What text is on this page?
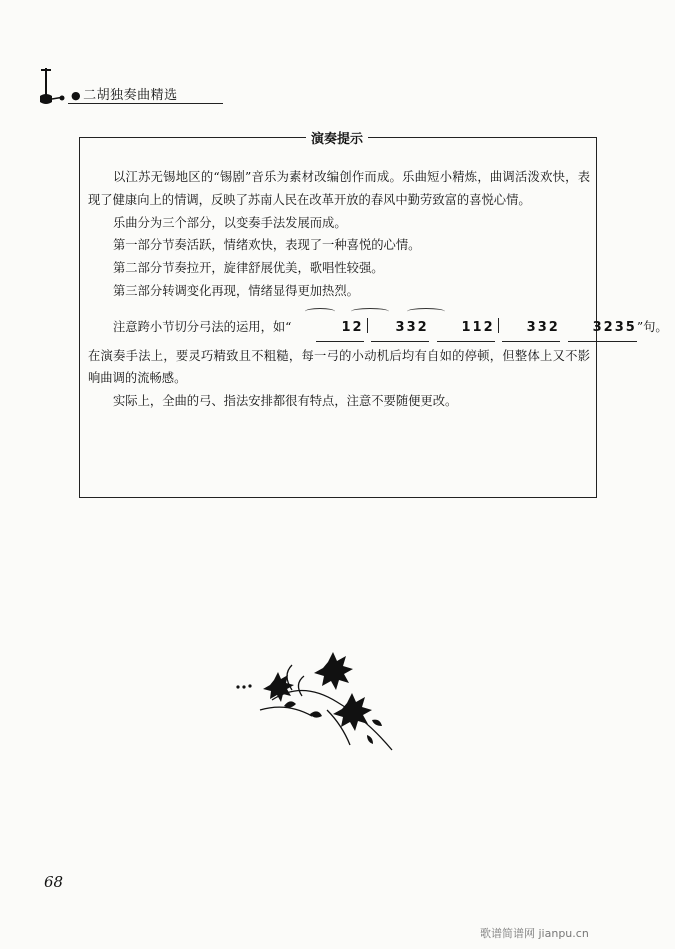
● 二胡独奏曲精选
演奏提示

以江苏无锡地区的“锡剧”音乐为素材改编创作而成。乐曲短小精炼，曲调活泼欢快，表现了健康向上的情调，反映了苏南人民在改革开放的春风中勤劳致富的喜悦心情。

乐曲分为三个部分，以变奏手法发展而成。

第一部分节奏活跃，情绪欢快，表现了一种喜悦的心情。

第二部分节奏拉开，旋律舒展优美，歌唱性较强。

第三部分转调变化再现，情绪显得更加热烈。

注意跨小节切分弓法的运用，如“	12 332	112 332	3235”句。

在演奏手法上，要灵巧精致且不粗糙，每一弓的小动机后均有自如的停顿，但整体上又不影响曲调的流畅感。

实际上，全曲的弓、指法安排都很有特点，注意不要随便更改。

68
歌谱简谱网 jianpu.cn
